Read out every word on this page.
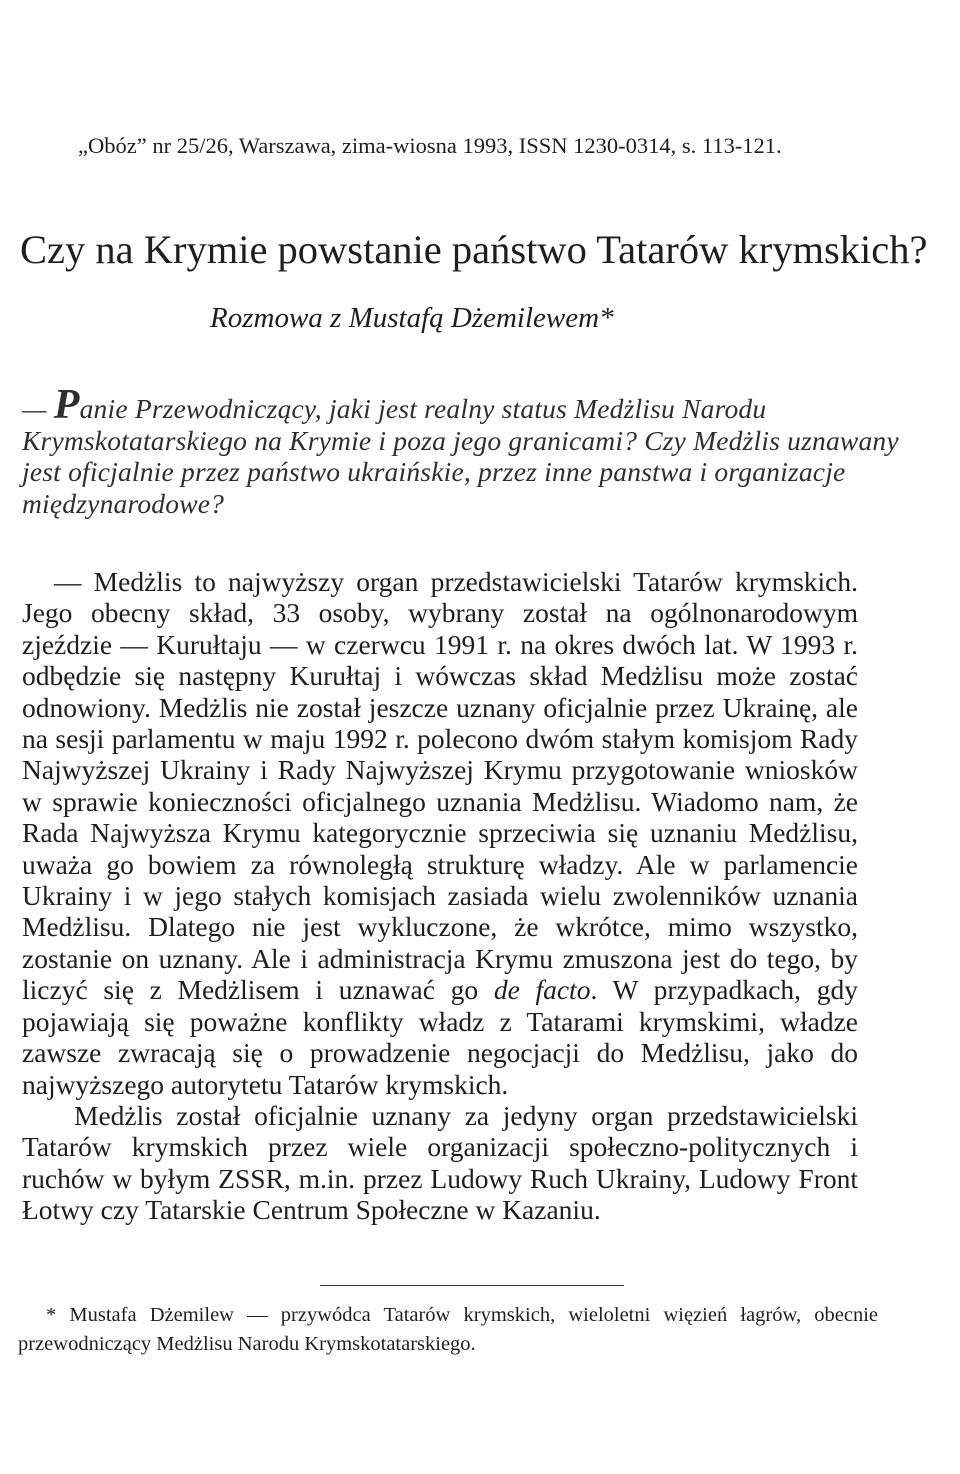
„Obóz” nr 25/26, Warszawa, zima-wiosna 1993, ISSN 1230-0314, s. 113-121.
Czy na Krymie powstanie państwo Tatarów krymskich?
Rozmowa z Mustafą Dżemilewem*
— Panie Przewodniczący, jaki jest realny status Medżlisu Narodu Krymskotatarskiego na Krymie i poza jego granicami? Czy Medżlis uznawany jest oficjalnie przez państwo ukraińskie, przez inne panstwa i organizacje międzynarodowe?

— Medżlis to najwyższy organ przedstawicielski Tatarów krymskich. Jego obecny skład, 33 osoby, wybrany został na ogólnonarodowym zjeździe — Kurułtaju — w czerwcu 1991 r. na okres dwóch lat. W 1993 r. odbędzie się następny Kurułtaj i wówczas skład Medżlisu może zostać odnowiony. Medżlis nie został jeszcze uznany oficjalnie przez Ukrainę, ale na sesji parlamentu w maju 1992 r. polecono dwóm stałym komisjom Rady Najwyższej Ukrainy i Rady Najwyższej Krymu przygotowanie wniosków w sprawie konieczności oficjalnego uznania Medżlisu. Wiadomo nam, że Rada Najwyższa Krymu kategorycznie sprzeciwia się uznaniu Medżlisu, uważa go bowiem za równoległą strukturę władzy. Ale w parlamencie Ukrainy i w jego stałych komisjach zasiada wielu zwolenników uznania Medżlisu. Dlatego nie jest wykluczone, że wkrótce, mimo wszystko, zostanie on uznany. Ale i administracja Krymu zmuszona jest do tego, by liczyć się z Medżlisem i uznawać go de facto. W przypadkach, gdy pojawiają się poważne konflikty władz z Tatarami krymskimi, władze zawsze zwracają się o prowadzenie negocjacji do Medżlisu, jako do najwyższego autorytetu Tatarów krymskich.

Medżlis został oficjalnie uznany za jedyny organ przedstawicielski Tatarów krymskich przez wiele organizacji społeczno-politycznych i ruchów w byłym ZSSR, m.in. przez Ludowy Ruch Ukrainy, Ludowy Front Łotwy czy Tatarskie Centrum Społeczne w Kazaniu.

* Mustafa Dżemilew — przywódca Tatarów krymskich, wieloletni więzień łagrów, obecnie przewodniczący Medżlisu Narodu Krymskotatarskiego.
